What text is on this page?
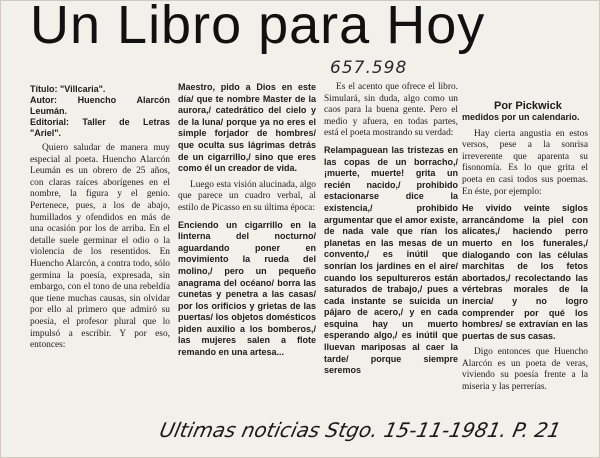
Un Libro para Hoy
657.598
Por Pickwick
Título: "Villcaria".
Autor: Huencho Alarcón Leumán.
Editorial: Taller de Letras "Ariel".

Quiero saludar de manera muy especial al poeta. Huencho Alarcón Leumán es un obrero de 25 años, con claras raíces aborígenes en el nombre, la figura y el genio. Pertenece, pues, a los de abajo, humillados y ofendidos en más de una ocasión por los de arriba. En el detalle suele germinar el odio o la violencia de los resentidos. En Huencho Alarcón, a contra todo, sólo germina la poesía, expresada, sin embargo, con el tono de una rebeldía que tiene muchas causas, sin olvidar por ello al primero que admiró su poesía, el profesor plural que lo impulsó a escribir. Y por eso, entonces:

Maestro, pido a Dios en este día/ que te nombre Master de la aurora,/ catedrático del cielo y de la luna/ porque ya no eres el simple forjador de hombres/ que oculta sus lágrimas detrás de un cigarrillo,/ sino que eres como él un creador de vida.

Luego esta visión alucinada, algo que parece un cuadro verbal, al estilo de Picasso en su última época:

Enciendo un cigarrillo en la linterna del nocturno/ aguardando poner en movimiento la rueda del molino,/ pero un pequeño anagrama del océano/ borra las cunetas y penetra a las casas/ por los orificios y grietas de las puertas/ los objetos domésticos piden auxilio a los bomberos,/ las mujeres salen a flote remando en una artesa...

Es el acento que ofrece el libro. Simulará, sin duda, algo como un caos para la buena gente. Pero el medio y afuera, en todas partes, está el poeta mostrando su verdad:

Relampaguean las tristezas en las copas de un borracho,/ ¡muerte, muerte! grita un recién nacido,/ prohibido estacionarse dice la existencia,/ prohibido argumentar que el amor existe, de nada vale que rían los planetas en las mesas de un convento,/ es inútil que sonrían los jardines en el aire/ cuando los sepultureros están saturados de trabajo,/ pues a cada instante se suicida un pájaro de acero,/ y en cada esquina hay un muerto esperando algo,/ es inútil que lluevan mariposas al caer la tarde/ porque siempre seremos

medidos por un calendario.

Hay cierta angustia en estos versos, pese a la sonrisa irreverente que aparenta su fisonomía. Es lo que grita el poeta en casi todos sus poemas. En éste, por ejemplo:

He vivido veinte siglos arrancándome la piel con alicates,/ haciendo perro muerto en los funerales,/ dialogando con las células marchitas de los fetos abortados,/ recolectando las vértebras morales de la inercia/ y no logro comprender por qué los hombres/ se extravían en las puertas de sus casas.

Digo entonces que Huencho Alarcón es un poeta de veras, viviendo su poesía frente a la miseria y las perrerías.

Ultimas noticias Stgo. 15-11-1981. P. 21
